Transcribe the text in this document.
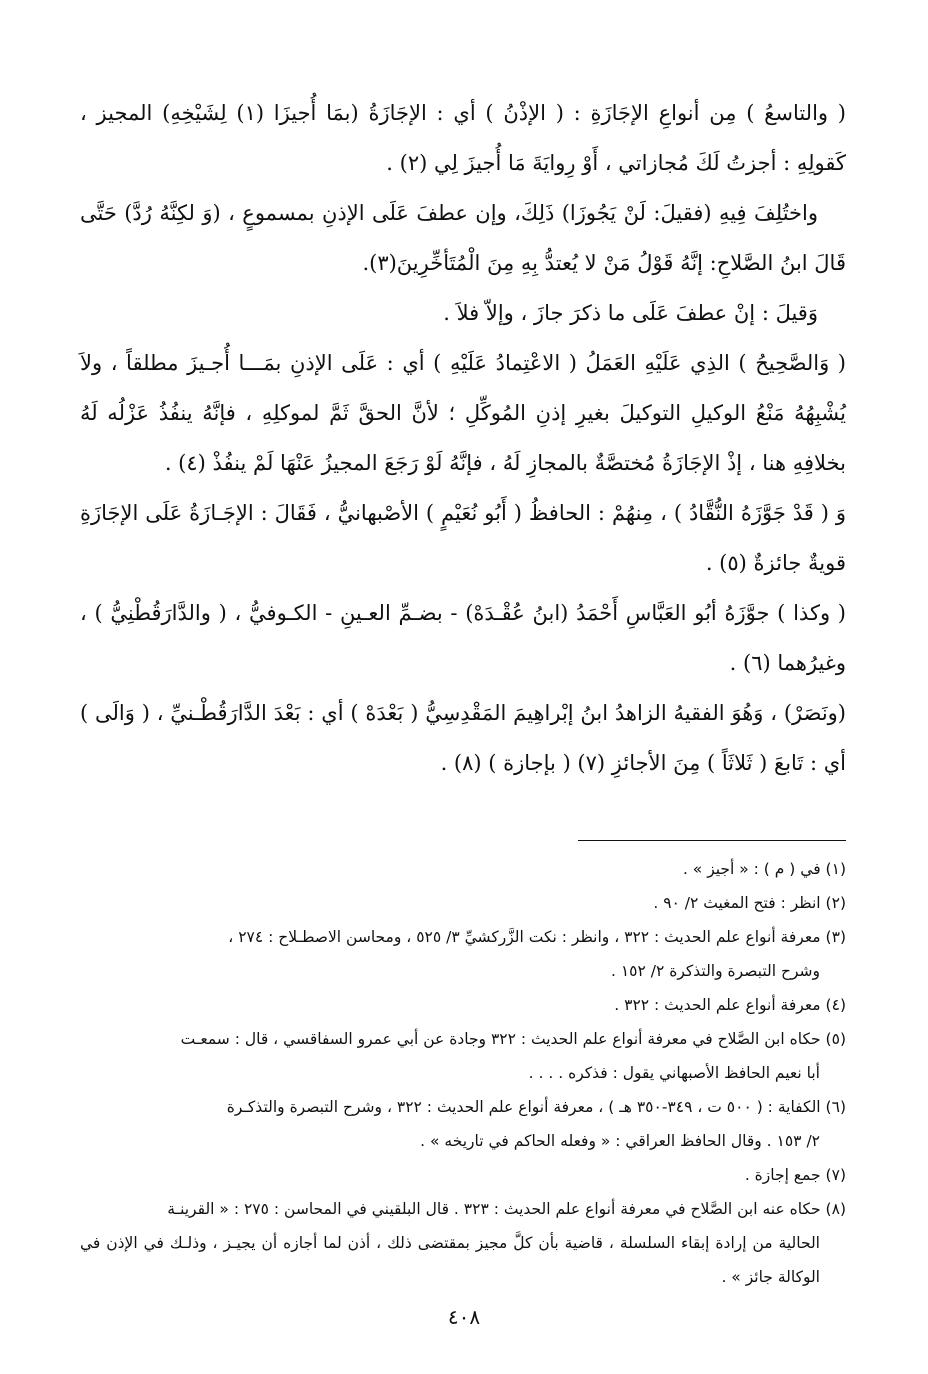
( والتاسعُ ) مِن أنواعِ الإجَازَةِ : ( الإذْنُ ) أي : الإجَازَةُ (بمَا أُجيزَا (١) لِشَيْخِهِ) المجيز ، كَقولِهِ : أجزتُ لَكَ مُجازاتي ، أَوْ رِوايَةَ مَا أُجيزَ لِي (٢) .

واختُلِفَ فِيهِ (فقيلَ: لَنْ يَجُوزَا) ذَلِكَ، وإن عطفَ عَلَى الإذنِ بمسموعٍ ، (وَ لكِنَّهُ رُدَّ) حَتَّى قَالَ ابنُ الصَّلاحِ: إنَّهُ قَوْلُ مَنْ لا يُعتدُّ بِهِ مِنَ الْمُتَأخِّرِينَ(٣).

وَقيلَ : إنْ عطفَ عَلَى ما ذكرَ جازَ ، وإلاّ فلاَ .

( وَالصَّحِيحُ ) الذِي عَلَيْهِ العَمَلُ ( الاعْتِمادُ عَلَيْهِ ) أي : عَلَى الإذنِ بمَـــا أُجـيزَ مطلقاً ، ولاَ يُشْبِهُهُ مَنْعُ الوكيلِ التوكيلَ بغيرِ إذنِ المُوكِّلِ ؛ لأنَّ الحقَّ ثَمَّ لموكلِهِ ، فإنَّهُ ينفُذُ عَزْلُه لَهُ بخلافِهِ هنا ، إذْ الإجَازَةُ مُختصَّةٌ بالمجازِ لَهُ ، فإنَّهُ لَوْ رَجَعَ المجيزُ عَنْهَا لَمْ ينفُذْ (٤) .

وَ ( قَدْ جَوَّزَهُ النُّقَّادُ ) ، مِنهُمْ : الحافظُ ( أَبُو نُعَيْمٍ ) الأصْبهانيُّ ، فَقَالَ : الإجَـازَةُ عَلَى الإجَازَةِ قويةٌ جائزةٌ (٥) .

( وكذا ) جوَّزَهُ أبُو العَبَّاسِ أَحْمَدُ (ابنُ عُقْـدَهْ) - بضـمِّ العـينِ - الكـوفيُّ ، ( والدَّارَقُطْنِيُّ ) ، وغيرُهما (٦) .

(ونَصَرْ) ، وَهُوَ الفقيهُ الزاهدُ ابنُ إبْراهِيمَ المَقْدِسِيُّ ( بَعْدَهْ ) أي : بَعْدَ الدَّارَقُطْـنيِّ ، ( وَالَى ) أي : تَابعَ ( ثَلاثَاً ) مِنَ الأجائزِ (٧) ( بإجازة ) (٨) .

(١) في ( م ) : « أجيز » .

(٢) انظر : فتح المغيث ٢/ ٩٠ .

(٣) معرفة أنواع علم الحديث : ٣٢٢ ، وانظر : نكت الزَّركشيِّ ٣/ ٥٢٥ ، ومحاسن الاصطـلاح : ٢٧٤ ،

وشرح التبصرة والتذكرة ٢/ ١٥٢ .

(٤) معرفة أنواع علم الحديث : ٣٢٢ .

(٥) حكاه ابن الصَّلاح في معرفة أنواع علم الحديث : ٣٢٢ وجادة عن أبي عمرو السفاقسي ، قال : سمعـت

أبا نعيم الحافظ الأصبهاني يقول : فذكره . . . .

(٦) الكفاية : ( ٥٠٠ ت ، ٣٤٩-٣٥٠ هـ ) ، معرفة أنواع علم الحديث : ٣٢٢ ، وشرح التبصرة والتذكـرة

٢/ ١٥٣ . وقال الحافظ العراقي : « وفعله الحاكم في تاريخه » .

(٧) جمع إجازة .

(٨) حكاه عنه ابن الصَّلاح في معرفة أنواع علم الحديث : ٣٢٣ . قال البلقيني في المحاسن : ٢٧٥ : « القرينـة

الحالية من إرادة إبقاء السلسلة ، قاضية بأن كلَّ مجيز بمقتضى ذلك ، أذن لما أجازه أن يجيـز ، وذلـك في الإذن في الوكالة جائز » .

٤٠٨
